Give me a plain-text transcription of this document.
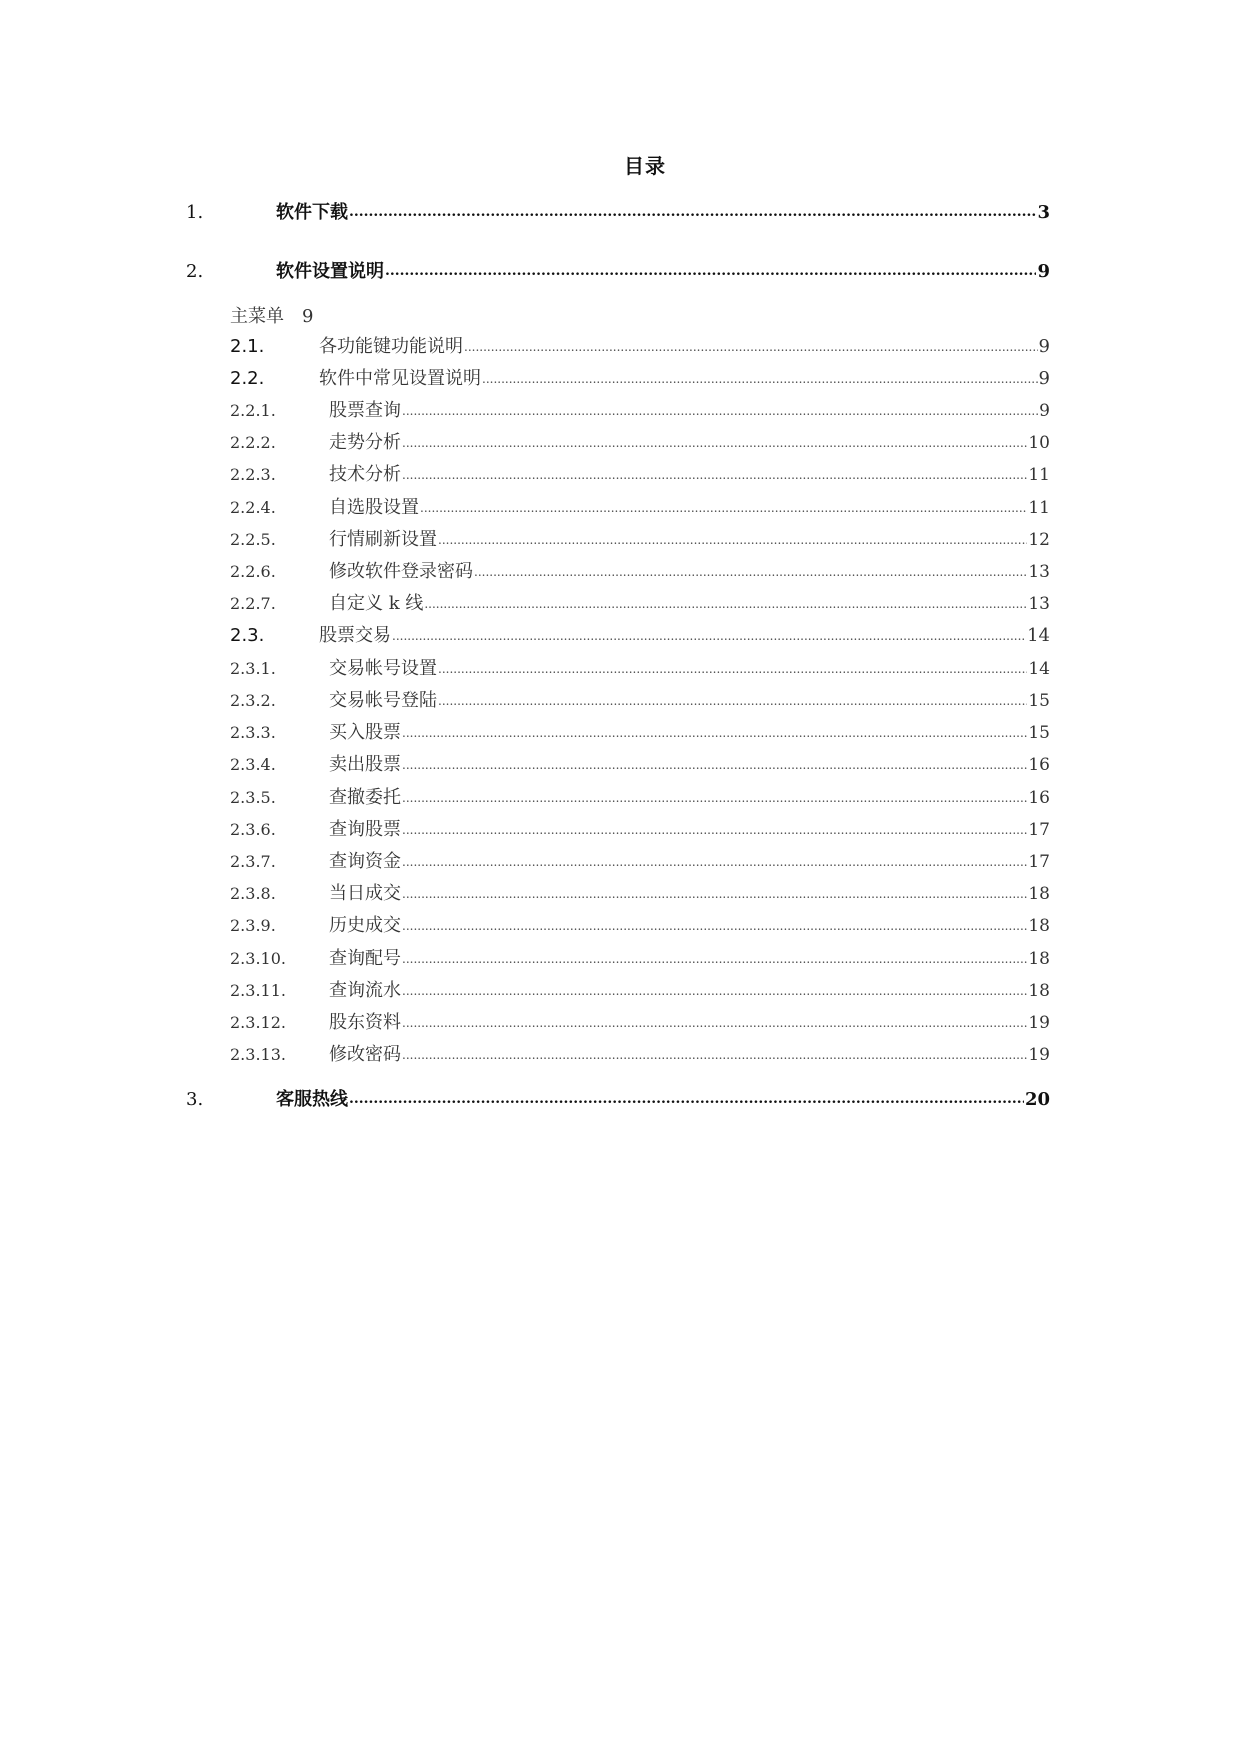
目录
主菜单 9
1.	软件下载 .....	3
2.	软件设置说明 .....	9
2.1.	各功能键功能说明 .....	9
2.2.	软件中常见设置说明 .....	9
2.2.1.	股票查询 .....	9
2.2.2.	走势分析 .....	10
2.2.3.	技术分析 .....	11
2.2.4.	自选股设置 .....	11
2.2.5.	行情刷新设置 .....	12
2.2.6.	修改软件登录密码 .....	13
2.2.7.	自定义 k 线 .....	13
2.3.	股票交易 .....	14
2.3.1.	交易帐号设置 .....	14
2.3.2.	交易帐号登陆 .....	15
2.3.3.	买入股票 .....	15
2.3.4.	卖出股票 .....	16
2.3.5.	查撤委托 .....	16
2.3.6.	查询股票 .....	17
2.3.7.	查询资金 .....	17
2.3.8.	当日成交 .....	18
2.3.9.	历史成交 .....	18
2.3.10.	查询配号 .....	18
2.3.11.	查询流水 .....	18
2.3.12.	股东资料 .....	19
2.3.13.	修改密码 .....	19
3.	客服热线 .....	20
